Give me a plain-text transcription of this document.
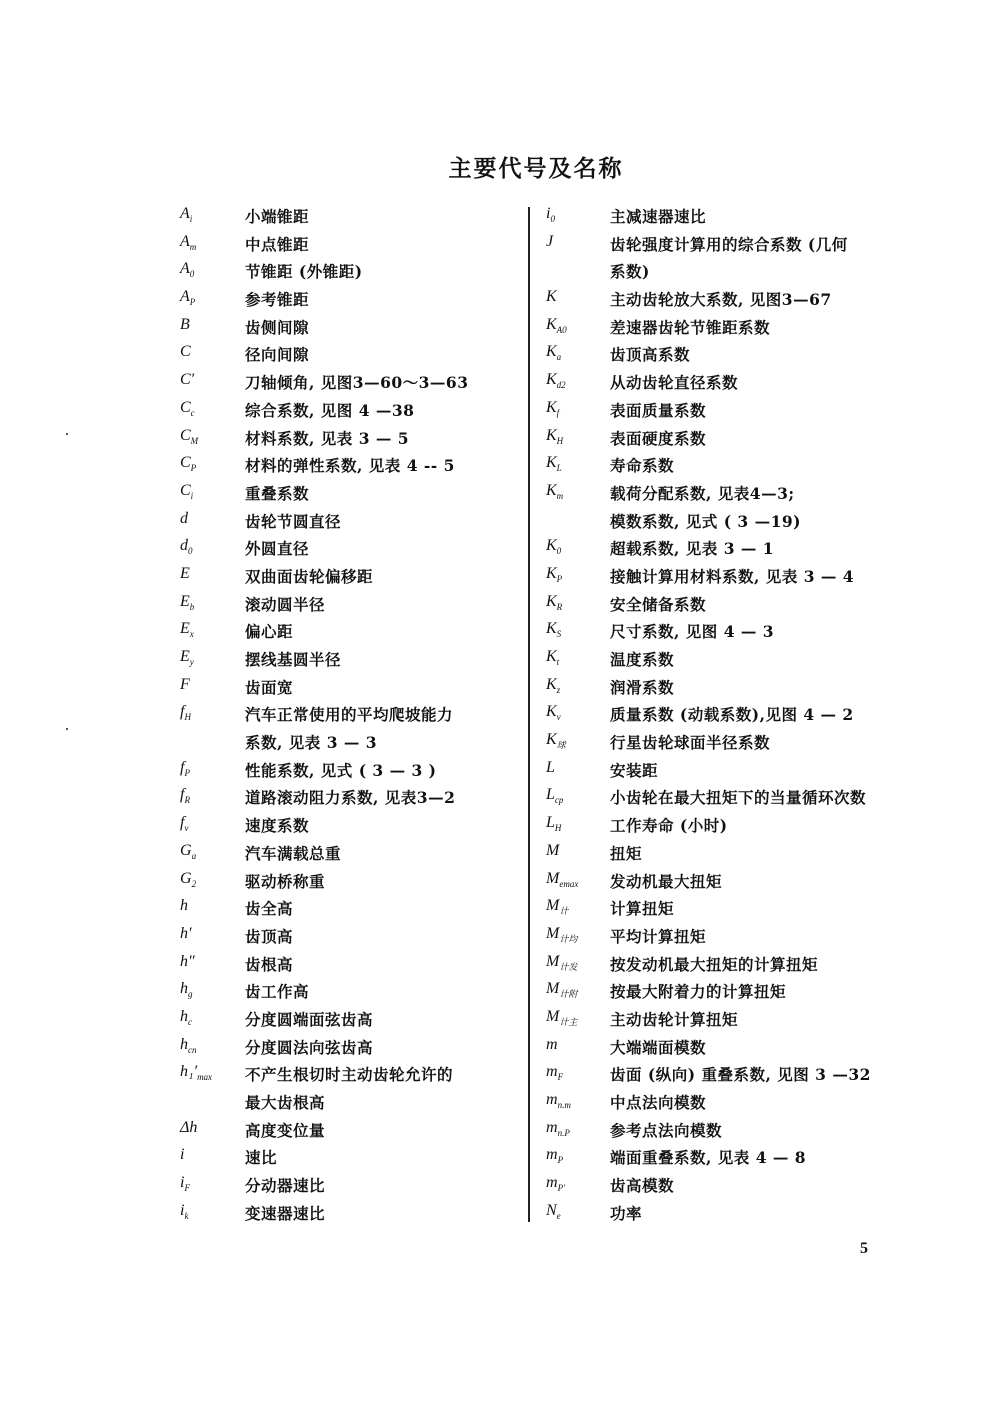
主要代号及名称
$A_i$	小端锥距
$A_m$	中点锥距
$A_0$	节锥距 (外锥距)
$A_P$	参考锥距
B	齿侧间隙
C	径向间隙
C′	刀轴倾角, 见图3—60～3—63
$C_c$	综合系数, 见图 4 —38
$C_M$	材料系数, 见表 3 — 5
$C_P$	材料的弹性系数, 见表 4 -- 5
$C_i$	重叠系数
d	齿轮节圆直径
$d_0$	外圆直径
E	双曲面齿轮偏移距
$E_b$	滚动圆半径
$E_x$	偏心距
$E_y$	摆线基圆半径
F	齿面宽
$f_H$	汽车正常使用的平均爬坡能力
系数, 见表 3 — 3
$f_P$	性能系数, 见式 ( 3 — 3 )
$f_R$	道路滚动阻力系数, 见表3—2
$f_v$	速度系数
$G_a$	汽车满载总重
$G_2$	驱动桥称重
h	齿全高
h′	齿顶高
h″	齿根高
$h_g$	齿工作高
$h_c$	分度圆端面弦齿高
$h_{cn}$	分度圆法向弦齿高
$h_1'_{max}$ 不产生根切时主动齿轮允许的
最大齿根高
Δh	高度变位量
i	速比
$i_F$	分动器速比
$i_k$	变速器速比
$i_0$	主减速器速比
J	齿轮强度计算用的综合系数 (几何
系数)
K	主动齿轮放大系数, 见图3—67
$K_{A0}$	差速器齿轮节锥距系数
$K_a$	齿顶高系数
$K_{d2}$	从动齿轮直径系数
$K_f$	表面质量系数
$K_H$	表面硬度系数
$K_L$	寿命系数
$K_m$	载荷分配系数, 见表4—3;
模数系数, 见式 ( 3 —19)
$K_0$	超载系数, 见表 3 — 1
$K_P$	接触计算用材料系数, 见表 3 — 4
$K_R$	安全储备系数
$K_S$	尺寸系数, 见图 4 — 3
$K_t$	温度系数
$K_z$	润滑系数
$K_v$	质量系数 (动载系数),见图 4 — 2
$K_球$	行星齿轮球面半径系数
L	安装距
$L_{cp}$	小齿轮在最大扭矩下的当量循环次数
$L_H$	工作寿命 (小时)
M	扭矩
$M_{emax}$ 发动机最大扭矩
$M_计$	计算扭矩
$M_{计均}$ 平均计算扭矩
$M_{计发}$ 按发动机最大扭矩的计算扭矩
$M_{计附}$ 按最大附着力的计算扭矩
$M_{计主}$ 主动齿轮计算扭矩
m	大端端面模数
$m_F$	齿面 (纵向) 重叠系数, 见图 3 —32
$m_{n.m}$	中点法向模数
$m_{n.P}$	参考点法向模数
$m_P$	端面重叠系数, 见表 4 — 8
$m_{P'}$	齿高模数
$N_e$	功率
5
